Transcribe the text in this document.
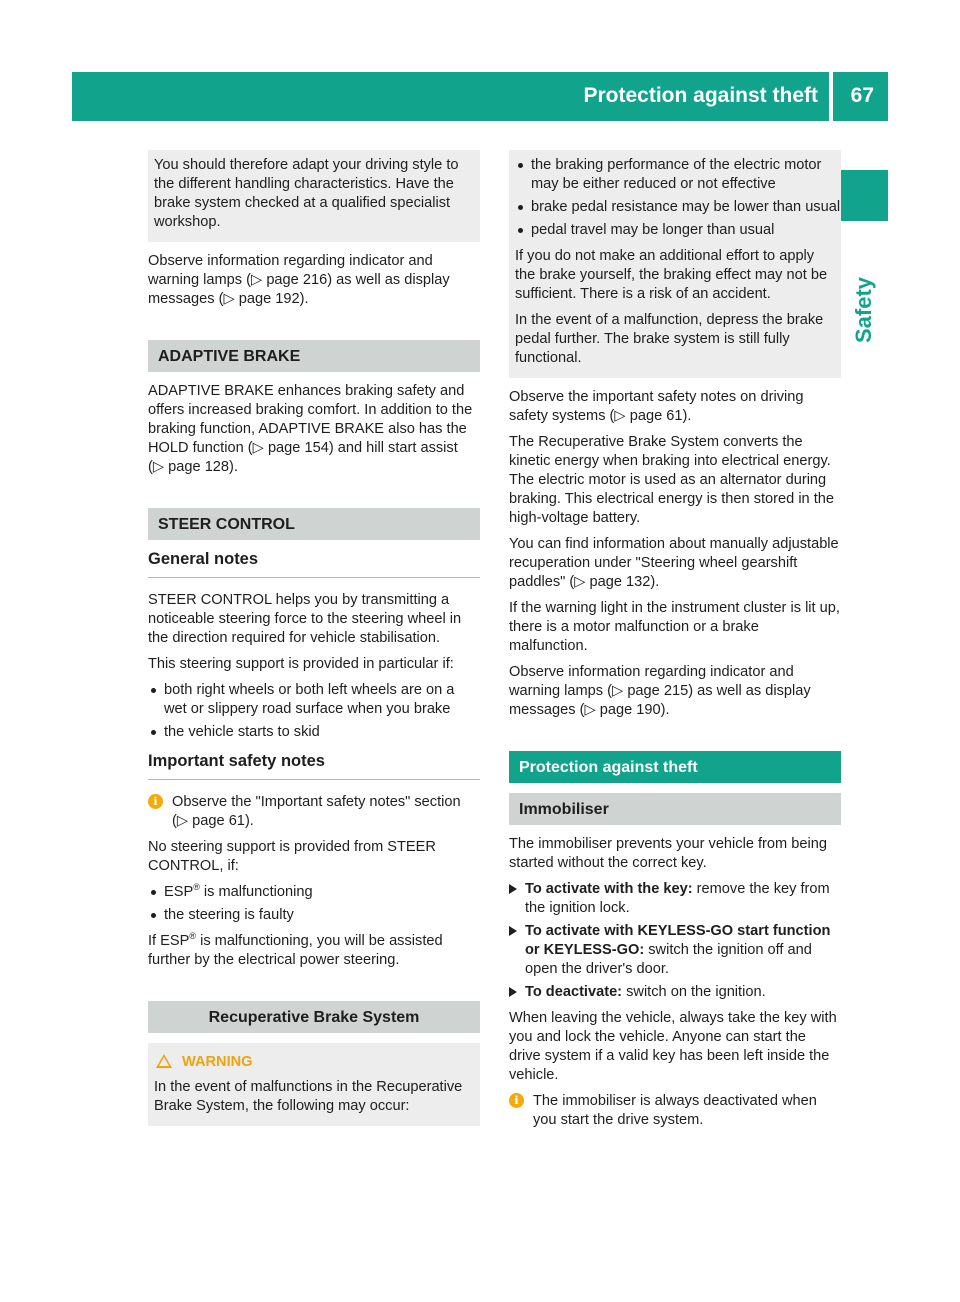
Protection against theft 67
Safety

You should therefore adapt your driving style to the different handling characteristics. Have the brake system checked at a qualified specialist workshop.

Observe information regarding indicator and warning lamps (▷ page 216) as well as display messages (▷ page 192).

ADAPTIVE BRAKE

ADAPTIVE BRAKE enhances braking safety and offers increased braking comfort. In addition to the braking function, ADAPTIVE BRAKE also has the HOLD function (▷ page 154) and hill start assist (▷ page 128).

STEER CONTROL
General notes

STEER CONTROL helps you by transmitting a noticeable steering force to the steering wheel in the direction required for vehicle stabilisation.

This steering support is provided in particular if:

both right wheels or both left wheels are on a wet or slippery road surface when you brake
the vehicle starts to skid
Important safety notes
i Observe the "Important safety notes" section (▷ page 61).

No steering support is provided from STEER CONTROL, if:

ESP® is malfunctioning
the steering is faulty

If ESP® is malfunctioning, you will be assisted further by the electrical power steering.

Recuperative Brake System
WARNING

In the event of malfunctions in the Recuperative Brake System, the following may occur:

the braking performance of the electric motor may be either reduced or not effective
brake pedal resistance may be lower than usual
pedal travel may be longer than usual

If you do not make an additional effort to apply the brake yourself, the braking effect may not be sufficient. There is a risk of an accident.

In the event of a malfunction, depress the brake pedal further. The brake system is still fully functional.

Observe the important safety notes on driving safety systems (▷ page 61).

The Recuperative Brake System converts the kinetic energy when braking into electrical energy. The electric motor is used as an alternator during braking. This electrical energy is then stored in the high-voltage battery.

You can find information about manually adjustable recuperation under "Steering wheel gearshift paddles" (▷ page 132).

If the warning light in the instrument cluster is lit up, there is a motor malfunction or a brake malfunction.

Observe information regarding indicator and warning lamps (▷ page 215) as well as display messages (▷ page 190).

Protection against theft
Immobiliser

The immobiliser prevents your vehicle from being started without the correct key.

To activate with the key: remove the key from the ignition lock.
To activate with KEYLESS-GO start function or KEYLESS-GO: switch the ignition off and open the driver's door.
To deactivate: switch on the ignition.

When leaving the vehicle, always take the key with you and lock the vehicle. Anyone can start the drive system if a valid key has been left inside the vehicle.

i The immobiliser is always deactivated when you start the drive system.
